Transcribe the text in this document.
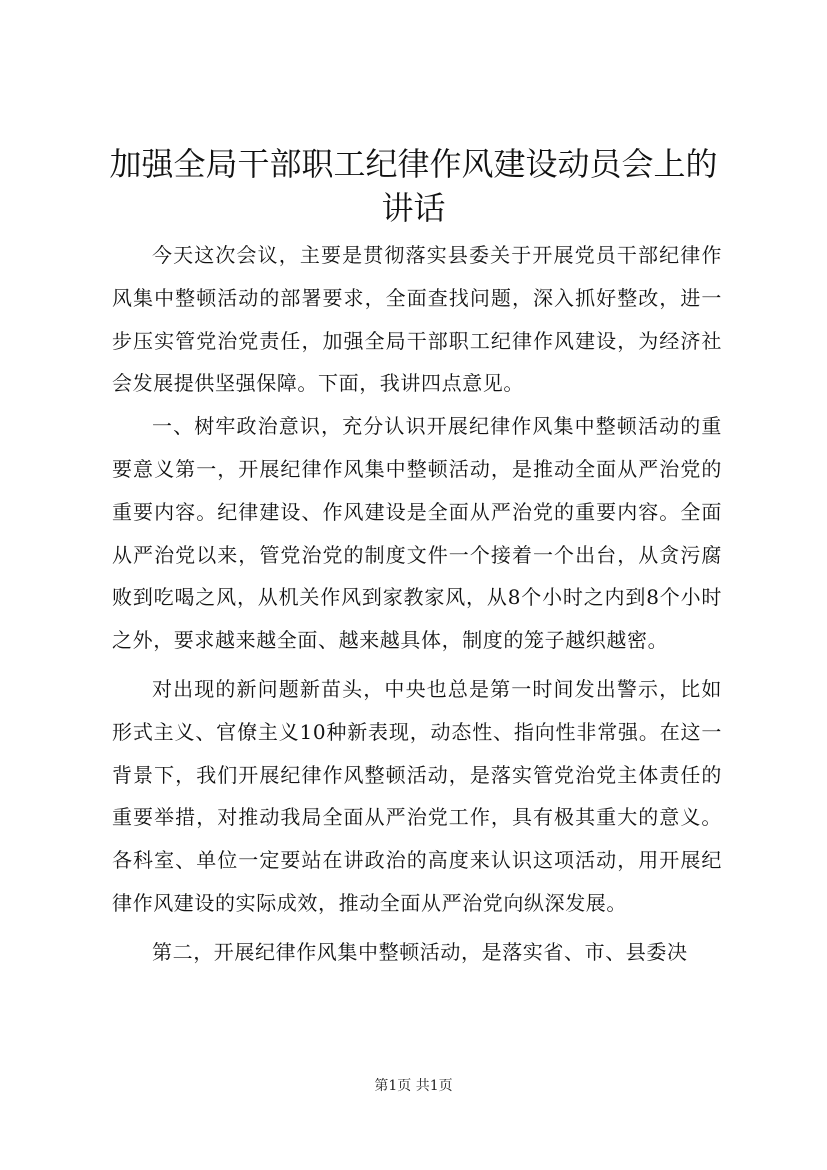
加强全局干部职工纪律作风建设动员会上的讲话

今天这次会议，主要是贯彻落实县委关于开展党员干部纪律作风集中整顿活动的部署要求，全面查找问题，深入抓好整改，进一步压实管党治党责任，加强全局干部职工纪律作风建设，为经济社会发展提供坚强保障。下面，我讲四点意见。

一、树牢政治意识，充分认识开展纪律作风集中整顿活动的重要意义第一，开展纪律作风集中整顿活动，是推动全面从严治党的重要内容。纪律建设、作风建设是全面从严治党的重要内容。全面从严治党以来，管党治党的制度文件一个接着一个出台，从贪污腐败到吃喝之风，从机关作风到家教家风，从8个小时之内到8个小时之外，要求越来越全面、越来越具体，制度的笼子越织越密。

对出现的新问题新苗头，中央也总是第一时间发出警示，比如形式主义、官僚主义10种新表现，动态性、指向性非常强。在这一背景下，我们开展纪律作风整顿活动，是落实管党治党主体责任的重要举措，对推动我局全面从严治党工作，具有极其重大的意义。各科室、单位一定要站在讲政治的高度来认识这项活动，用开展纪律作风建设的实际成效，推动全面从严治党向纵深发展。

第二，开展纪律作风集中整顿活动，是落实省、市、县委决

第1页 共1页
